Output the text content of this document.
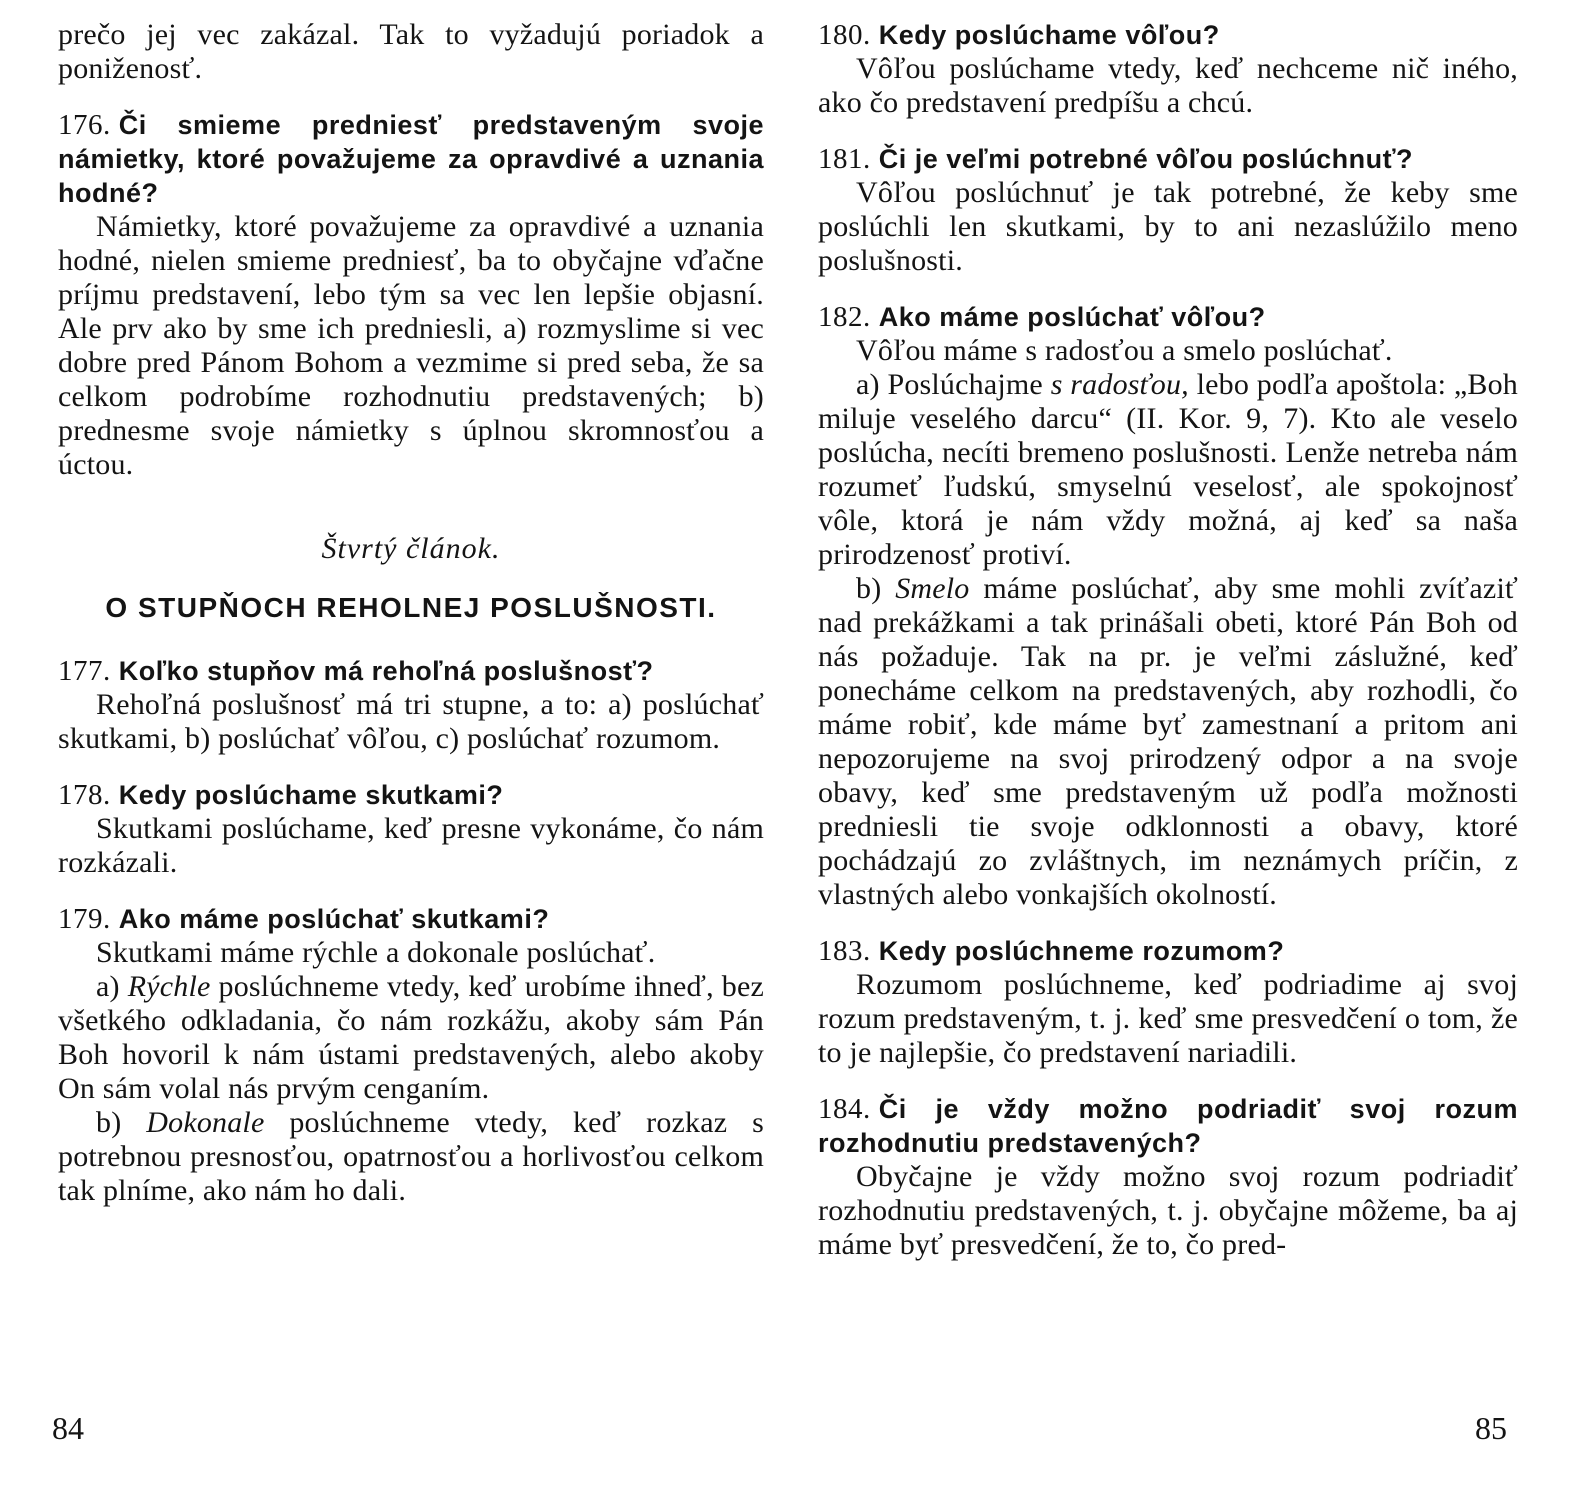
prečo jej vec zakázal. Tak to vyžadujú poriadok a poniženosť.

176. Či smieme predniesť predstaveným svoje námietky, ktoré považujeme za opravdivé a uznania hodné?

Námietky, ktoré považujeme za opravdivé a uznania hodné, nielen smieme predniesť, ba to obyčajne vďačne príjmu predstavení, lebo tým sa vec len lepšie objasní. Ale prv ako by sme ich predniesli, a) rozmyslime si vec dobre pred Pánom Bohom a vezmime si pred seba, že sa celkom podrobíme rozhodnutiu predstavených; b) prednesme svoje námietky s úplnou skromnosťou a úctou.

Štvrtý článok.

O STUPŇOCH REHOLNEJ POSLUŠNOSTI.

177. Koľko stupňov má rehoľná poslušnosť?

Rehoľná poslušnosť má tri stupne, a to: a) poslúchať skutkami, b) poslúchať vôľou, c) poslúchať rozumom.

178. Kedy poslúchame skutkami?

Skutkami poslúchame, keď presne vykonáme, čo nám rozkázali.

179. Ako máme poslúchať skutkami?

Skutkami máme rýchle a dokonale poslúchať.

a) Rýchle poslúchneme vtedy, keď urobíme ihneď, bez všetkého odkladania, čo nám rozkážu, akoby sám Pán Boh hovoril k nám ústami predstavených, alebo akoby On sám volal nás prvým cenganím.

b) Dokonale poslúchneme vtedy, keď rozkaz s potrebnou presnosťou, opatrnosťou a horlivosťou celkom tak plníme, ako nám ho dali.

84

180. Kedy poslúchame vôľou?

Vôľou poslúchame vtedy, keď nechceme nič iného, ako čo predstavení predpíšu a chcú.

181. Či je veľmi potrebné vôľou poslúchnuť?

Vôľou poslúchnuť je tak potrebné, že keby sme poslúchli len skutkami, by to ani nezaslúžilo meno poslušnosti.

182. Ako máme poslúchať vôľou?

Vôľou máme s radosťou a smelo poslúchať.

a) Poslúchajme s radosťou, lebo podľa apoštola: „Boh miluje veselého darcu“ (II. Kor. 9, 7). Kto ale veselo poslúcha, necíti bremeno poslušnosti. Lenže netreba nám rozumeť ľudskú, smyselnú veselosť, ale spokojnosť vôle, ktorá je nám vždy možná, aj keď sa naša prirodzenosť protiví.

b) Smelo máme poslúchať, aby sme mohli zvíťaziť nad prekážkami a tak prinášali obeti, ktoré Pán Boh od nás požaduje. Tak na pr. je veľmi záslužné, keď ponecháme celkom na predstavených, aby rozhodli, čo máme robiť, kde máme byť zamestnaní a pritom ani nepozorujeme na svoj prirodzený odpor a na svoje obavy, keď sme predstaveným už podľa možnosti predniesli tie svoje odklonnosti a obavy, ktoré pochádzajú zo zvláštnych, im neznámych príčin, z vlastných alebo vonkajších okolností.

183. Kedy poslúchneme rozumom?

Rozumom poslúchneme, keď podriadime aj svoj rozum predstaveným, t. j. keď sme presvedčení o tom, že to je najlepšie, čo predstavení nariadili.

184. Či je vždy možno podriadiť svoj rozum rozhodnutiu predstavených?

Obyčajne je vždy možno svoj rozum podriadiť rozhodnutiu predstavených, t. j. obyčajne môžeme, ba aj máme byť presvedčení, že to, čo pred-

85
